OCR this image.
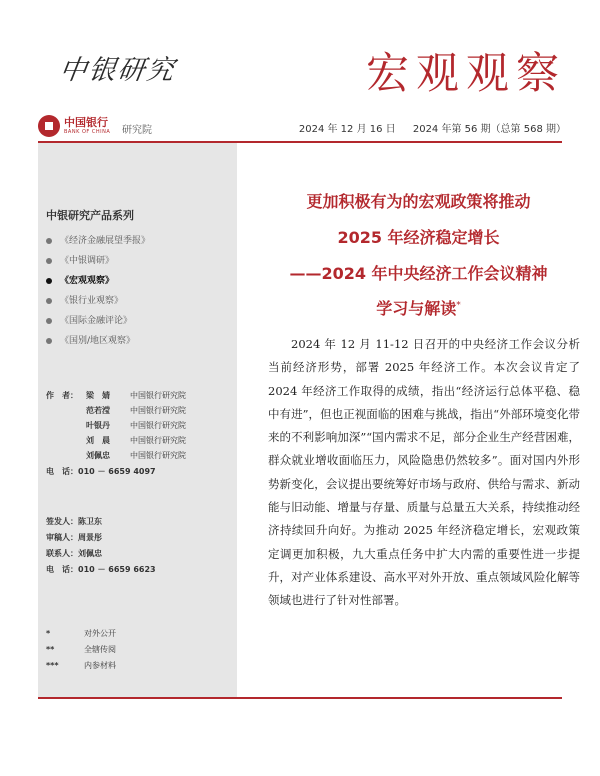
中银研究	宏观观察
中国银行
BANK OF CHINA 研究院	2024 年 12 月 16 日 2024 年第 56 期（总第 568 期）
中银研究产品系列
《经济金融展望季报》
《中银调研》
《宏观观察》
《银行业观察》
《国际金融评论》
《国别/地区观察》
作　者： 梁　婧	中国银行研究院
范若滢	中国银行研究院
叶银丹	中国银行研究院
刘　晨	中国银行研究院
刘佩忠	中国银行研究院
电　话：010 － 6659 4097
签发人：陈卫东
审稿人：周景彤
联系人：刘佩忠
电　话：010 － 6659 6623
*	对外公开
**	全辖传阅
***	内参材料
更加积极有为的宏观政策将推动
2025 年经济稳定增长
——2024 年中央经济工作会议精神
学习与解读*

2024 年 12 月 11-12 日召开的中央经济工作会议分析当前经济形势，部署 2025 年经济工作。本次会议肯定了 2024 年经济工作取得的成绩，指出“经济运行总体平稳、稳中有进”，但也正视面临的困难与挑战，指出“外部环境变化带来的不利影响加深”“国内需求不足，部分企业生产经营困难，群众就业增收面临压力，风险隐患仍然较多”。面对国内外形势新变化，会议提出要统筹好市场与政府、供给与需求、新动能与旧动能、增量与存量、质量与总量五大关系，持续推动经济持续回升向好。为推动 2025 年经济稳定增长，宏观政策定调更加积极，九大重点任务中扩大内需的重要性进一步提升，对产业体系建设、高水平对外开放、重点领域风险化解等领域也进行了针对性部署。
